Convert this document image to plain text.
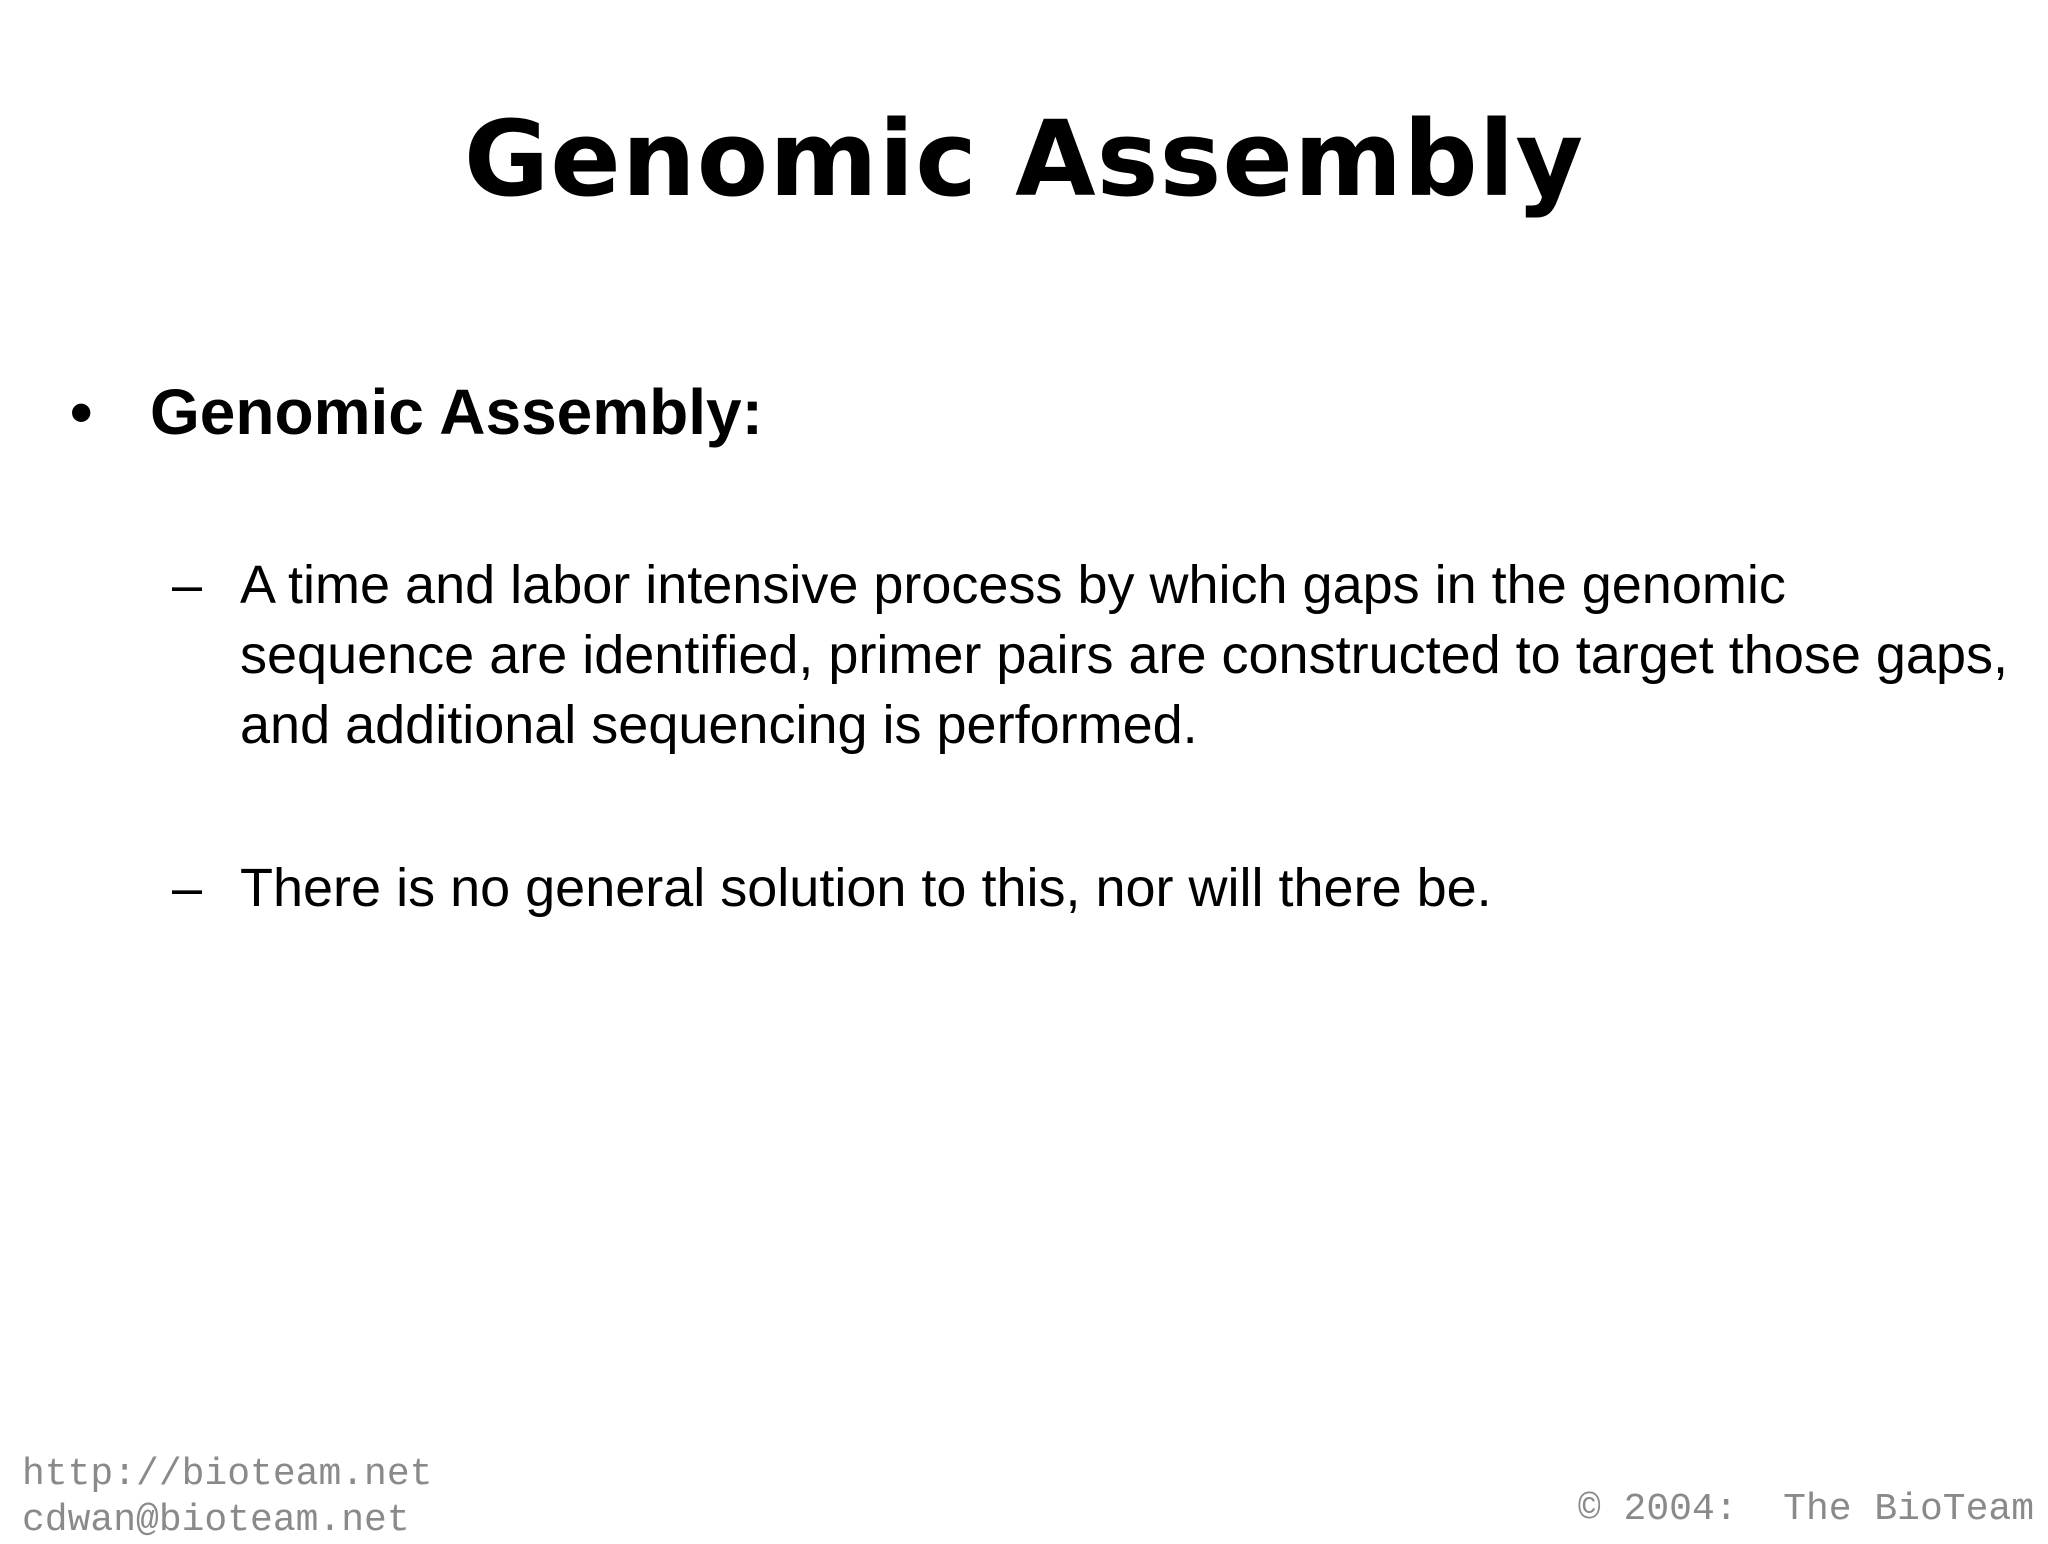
Genomic Assembly
• Genomic Assembly:
– A time and labor intensive process by which gaps in the genomic sequence are identified, primer pairs are constructed to target those gaps, and additional sequencing is performed.
– There is no general solution to this, nor will there be.
http://bioteam.net
cdwan@bioteam.net	© 2004:  The BioTeam
